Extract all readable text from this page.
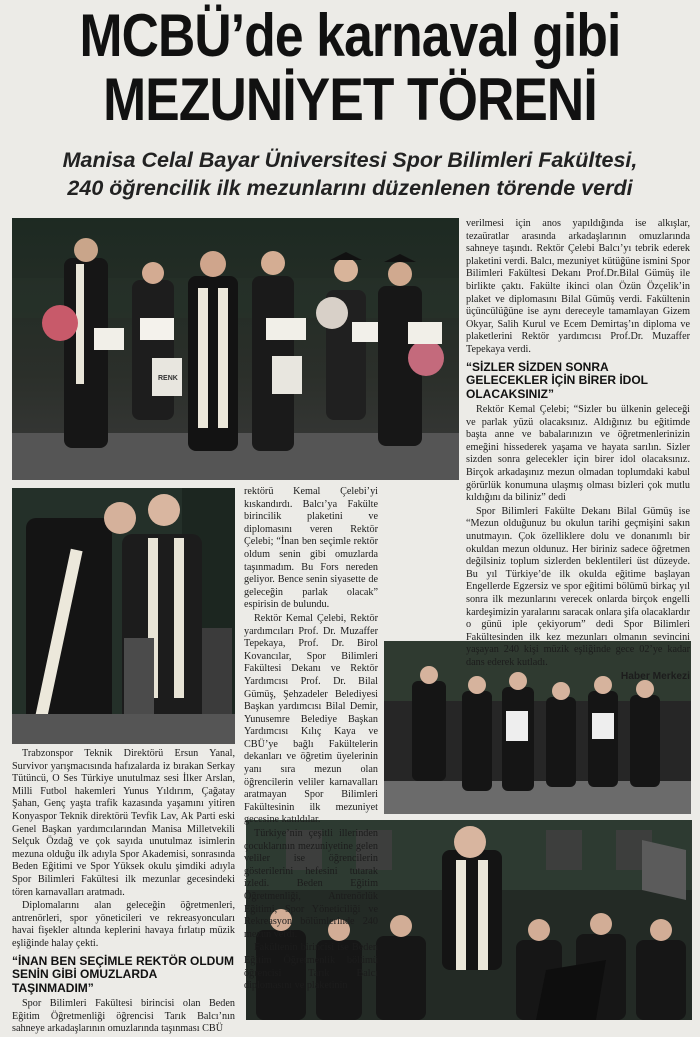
MCBÜ’de karnaval gibi
MEZUNİYET TÖRENİ
Manisa Celal Bayar Üniversitesi Spor Bilimleri Fakültesi,
240 öğrencilik ilk mezunlarını düzenlenen törende verdi
RENK

Trabzonspor Teknik Direktörü Ersun Yanal, Survivor yarışmacısında hafızalarda iz bırakan Serkay Tütüncü, O Ses Türkiye unutulmaz sesi İlker Arslan, Milli Futbol hakemleri Yunus Yıldırım, Çağatay Şahan, Genç yaşta trafik kazasında yaşamını yitiren Konyaspor Teknik direktörü Tevfik Lav, Ak Parti eski Genel Başkan yardımcılarından Manisa Milletvekili Selçuk Özdağ ve çok sayıda unutulmaz isimlerin mezuna olduğu ilk adıyla Spor Akademisi, sonrasında Beden Eğitimi ve Spor Yüksek okulu şimdiki adıyla Spor Bilimleri Fakültesi ilk mezunlar gecesindeki tören karnavalları aratmadı.

Diplomalarını alan geleceğin öğretmenleri, antrenörleri, spor yöneticileri ve rekreasyoncuları havai fişekler altında keplerini havaya fırlatıp müzik eşliğinde halay çekti.

“İNAN BEN SEÇİMLE REKTÖR OLDUM SENİN GİBİ OMUZLARDA TAŞINMADIM”

Spor Bilimleri Fakültesi birincisi olan Beden Eğitim Öğretmenliği öğrencisi Tarık Balcı’nın sahneye arkadaşlarının omuzlarında taşınması CBÜ

rektörü Kemal Çelebi’yi kıskandırdı. Balcı’ya Fakülte birincilik plaketini ve diplomasını veren Rektör Çelebi; “İnan ben seçimle rektör oldum senin gibi omuzlarda taşınmadım. Bu Fors nereden geliyor. Bence senin siyasette de geleceğin parlak olacak” espirisin de bulundu.

Rektör Kemal Çelebi, Rektör yardımcıları Prof. Dr. Muzaffer Tepekaya, Prof. Dr. Birol Kovancılar, Spor Bilimleri Fakültesi Dekanı ve Rektör Yardımcısı Prof. Dr. Bilal Gümüş, Şehzadeler Belediyesi Başkan yardımcısı Bilal Demir, Yunusemre Belediye Başkan Yardımcısı Kılıç Kaya ve CBÜ’ye bağlı Fakültelerin dekanları ve öğretim üyelerinin yanı sıra mezun olan öğrencilerin veliler karnavalları aratmayan Spor Bilimleri Fakültesinin ilk mezuniyet gecesine katıldılar.

Türkiye’nin çeşitli illerinden çocuklarının mezuniyetine gelen veliler ise öğrencilerin gösterilerini hefesini tutarak izledi. Beden Eğitim Öğretmenliği, Antrenörlük Eğitimi, Spor Yöneticiliği ve Rekreasyon bölümlerinde 240 mezun verdi.

Fakültenin birincisi ise Beden Eğitim Öğretmenlik bölümü öğrencisi Tarık Balcı diplomasını ve plaketinin

verilmesi için anos yapıldığında ise alkışlar, tezaüratlar arasında arkadaşlarının omuzlarında sahneye taşındı. Rektör Çelebi Balcı’yı tebrik ederek plaketini verdi. Balcı, mezuniyet kütüğüne ismini Spor Bilimleri Fakültesi Dekanı Prof.Dr.Bilal Gümüş ile birlikte çaktı. Fakülte ikinci olan Özün Özçelik’in plaket ve diplomasını Bilal Gümüş verdi. Fakültenin üçüncülüğüne ise aynı dereceyle tamamlayan Gizem Okyar, Salih Kurul ve Ecem Demirtaş’ın diploma ve plaketlerini Rektör yardımcısı Prof.Dr. Muzaffer Tepekaya verdi.

“SİZLER SİZDEN SONRA GELECEKLER İÇİN BİRER İDOL OLACAKSINIZ”

Rektör Kemal Çelebi; “Sizler bu ülkenin geleceği ve parlak yüzü olacaksınız. Aldığınız bu eğitimde başta anne ve babalarınızın ve öğretmenlerinizin emeğini hissederek yaşama ve hayata sarılın. Sizler sizden sonra gelecekler için birer idol olacaksınız. Birçok arkadaşınız mezun olmadan toplumdaki kabul görürlük konumuna ulaşmış olması bizleri çok mutlu kıldığını da biliniz” dedi

Spor Bilimleri Fakülte Dekanı Bilal Gümüş ise “Mezun olduğunuz bu okulun tarihi geçmişini sakın unutmayın. Çok özelliklere dolu ve donanımlı bir okuldan mezun oldunuz. Her biriniz sadece öğretmen değilsiniz toplum sizlerden beklentileri üst düzeyde. Bu yıl Türkiye’de ilk okulda eğitime başlayan Engellerde Egzersiz ve spor eğitimi bölümü birkaç yıl sonra ilk mezunlarını verecek onlarda birçok engelli kardeşimizin yaralarını saracak onlara şifa olacaklardır o günü iple çekiyorum” dedi Spor Bilimleri Fakültesinden ilk kez mezunları olmanın sevincini yaşayan 240 kişi müzik eşliğinde gece 02’ye kadar dans ederek kutladı.

Haber Merkezi
